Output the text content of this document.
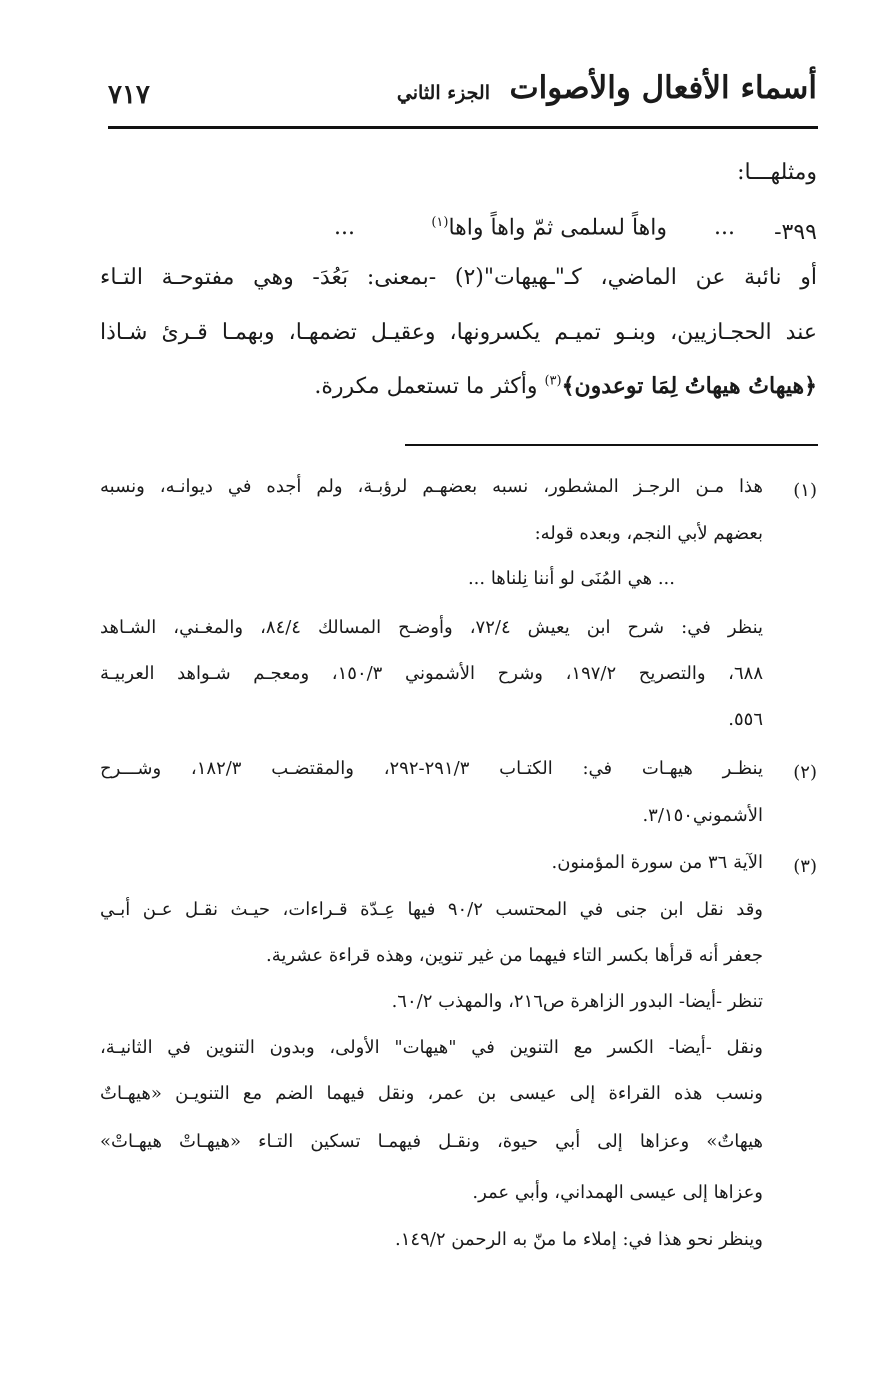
أسماء الأفعال والأصوات
الجزء الثاني
٧١٧
ومثلهـــا:
٣٩٩-
...
واهاً لسلمى ثمّ واهاً واها$^{(١)}$
...
أو نائبة عن الماضي، كـ"ـهيهات"(٢) -بمعنى: بَعُدَ- وهي مفتوحـة التـاء
عند الحجـازيين، وبنـو تميـم يكسرونها، وعقيـل تضمهـا، وبهمـا قـرئ شـاذا
﴿هيهاتُ هيهاتُ لِمَا توعدون﴾$^{(٣)}$ وأكثر ما تستعمل مكررة.
(١)
هذا مـن الرجـز المشطور، نسبه بعضهـم لرؤبـة، ولم أجده في ديوانـه، ونسبه
بعضهم لأبي النجم، وبعده قوله:
... هي المُنَى لو أننا نِلناها ...
ينظر في: شرح ابن يعيش ٧٢/٤، وأوضـح المسالك ٨٤/٤، والمغـني، الشـاهد
٦٨٨، والتصريح ١٩٧/٢، وشرح الأشموني ١٥٠/٣، ومعجـم شـواهد العربيـة
٥٥٦.
(٢)
ينظـر هيهـات في: الكتـاب ٢٩١/٣-٢٩٢، والمقتضـب ١٨٢/٣، وشـــرح
الأشموني٣/١٥٠.
(٣)
الآية ٣٦ من سورة المؤمنون.
وقد نقل ابن جنى في المحتسب ٩٠/٢ فيها عِـدّة قـراءات، حيـث نقـل عـن أبـي
جعفر أنه قرأها بكسر التاء فيهما من غير تنوين، وهذه قراءة عشرية.
تنظر -أيضا- البدور الزاهرة ص٢١٦، والمهذب ٦٠/٢.
ونقل -أيضا- الكسر مع التنوين في "هيهات" الأولى، وبدون التنوين في الثانيـة،
ونسب هذه القراءة إلى عيسى بن عمر، ونقل فيهما الضم مع التنويـن «هيهـاتٌ
هيهاتٌ» وعزاها إلى أبي حيوة، ونقـل فيهمـا تسكين التـاء «هيهـاتْ هيهـاتْ»
وعزاها إلى عيسى الهمداني، وأبي عمر.
وينظر نحو هذا في: إملاء ما منّ به الرحمن ١٤٩/٢.
